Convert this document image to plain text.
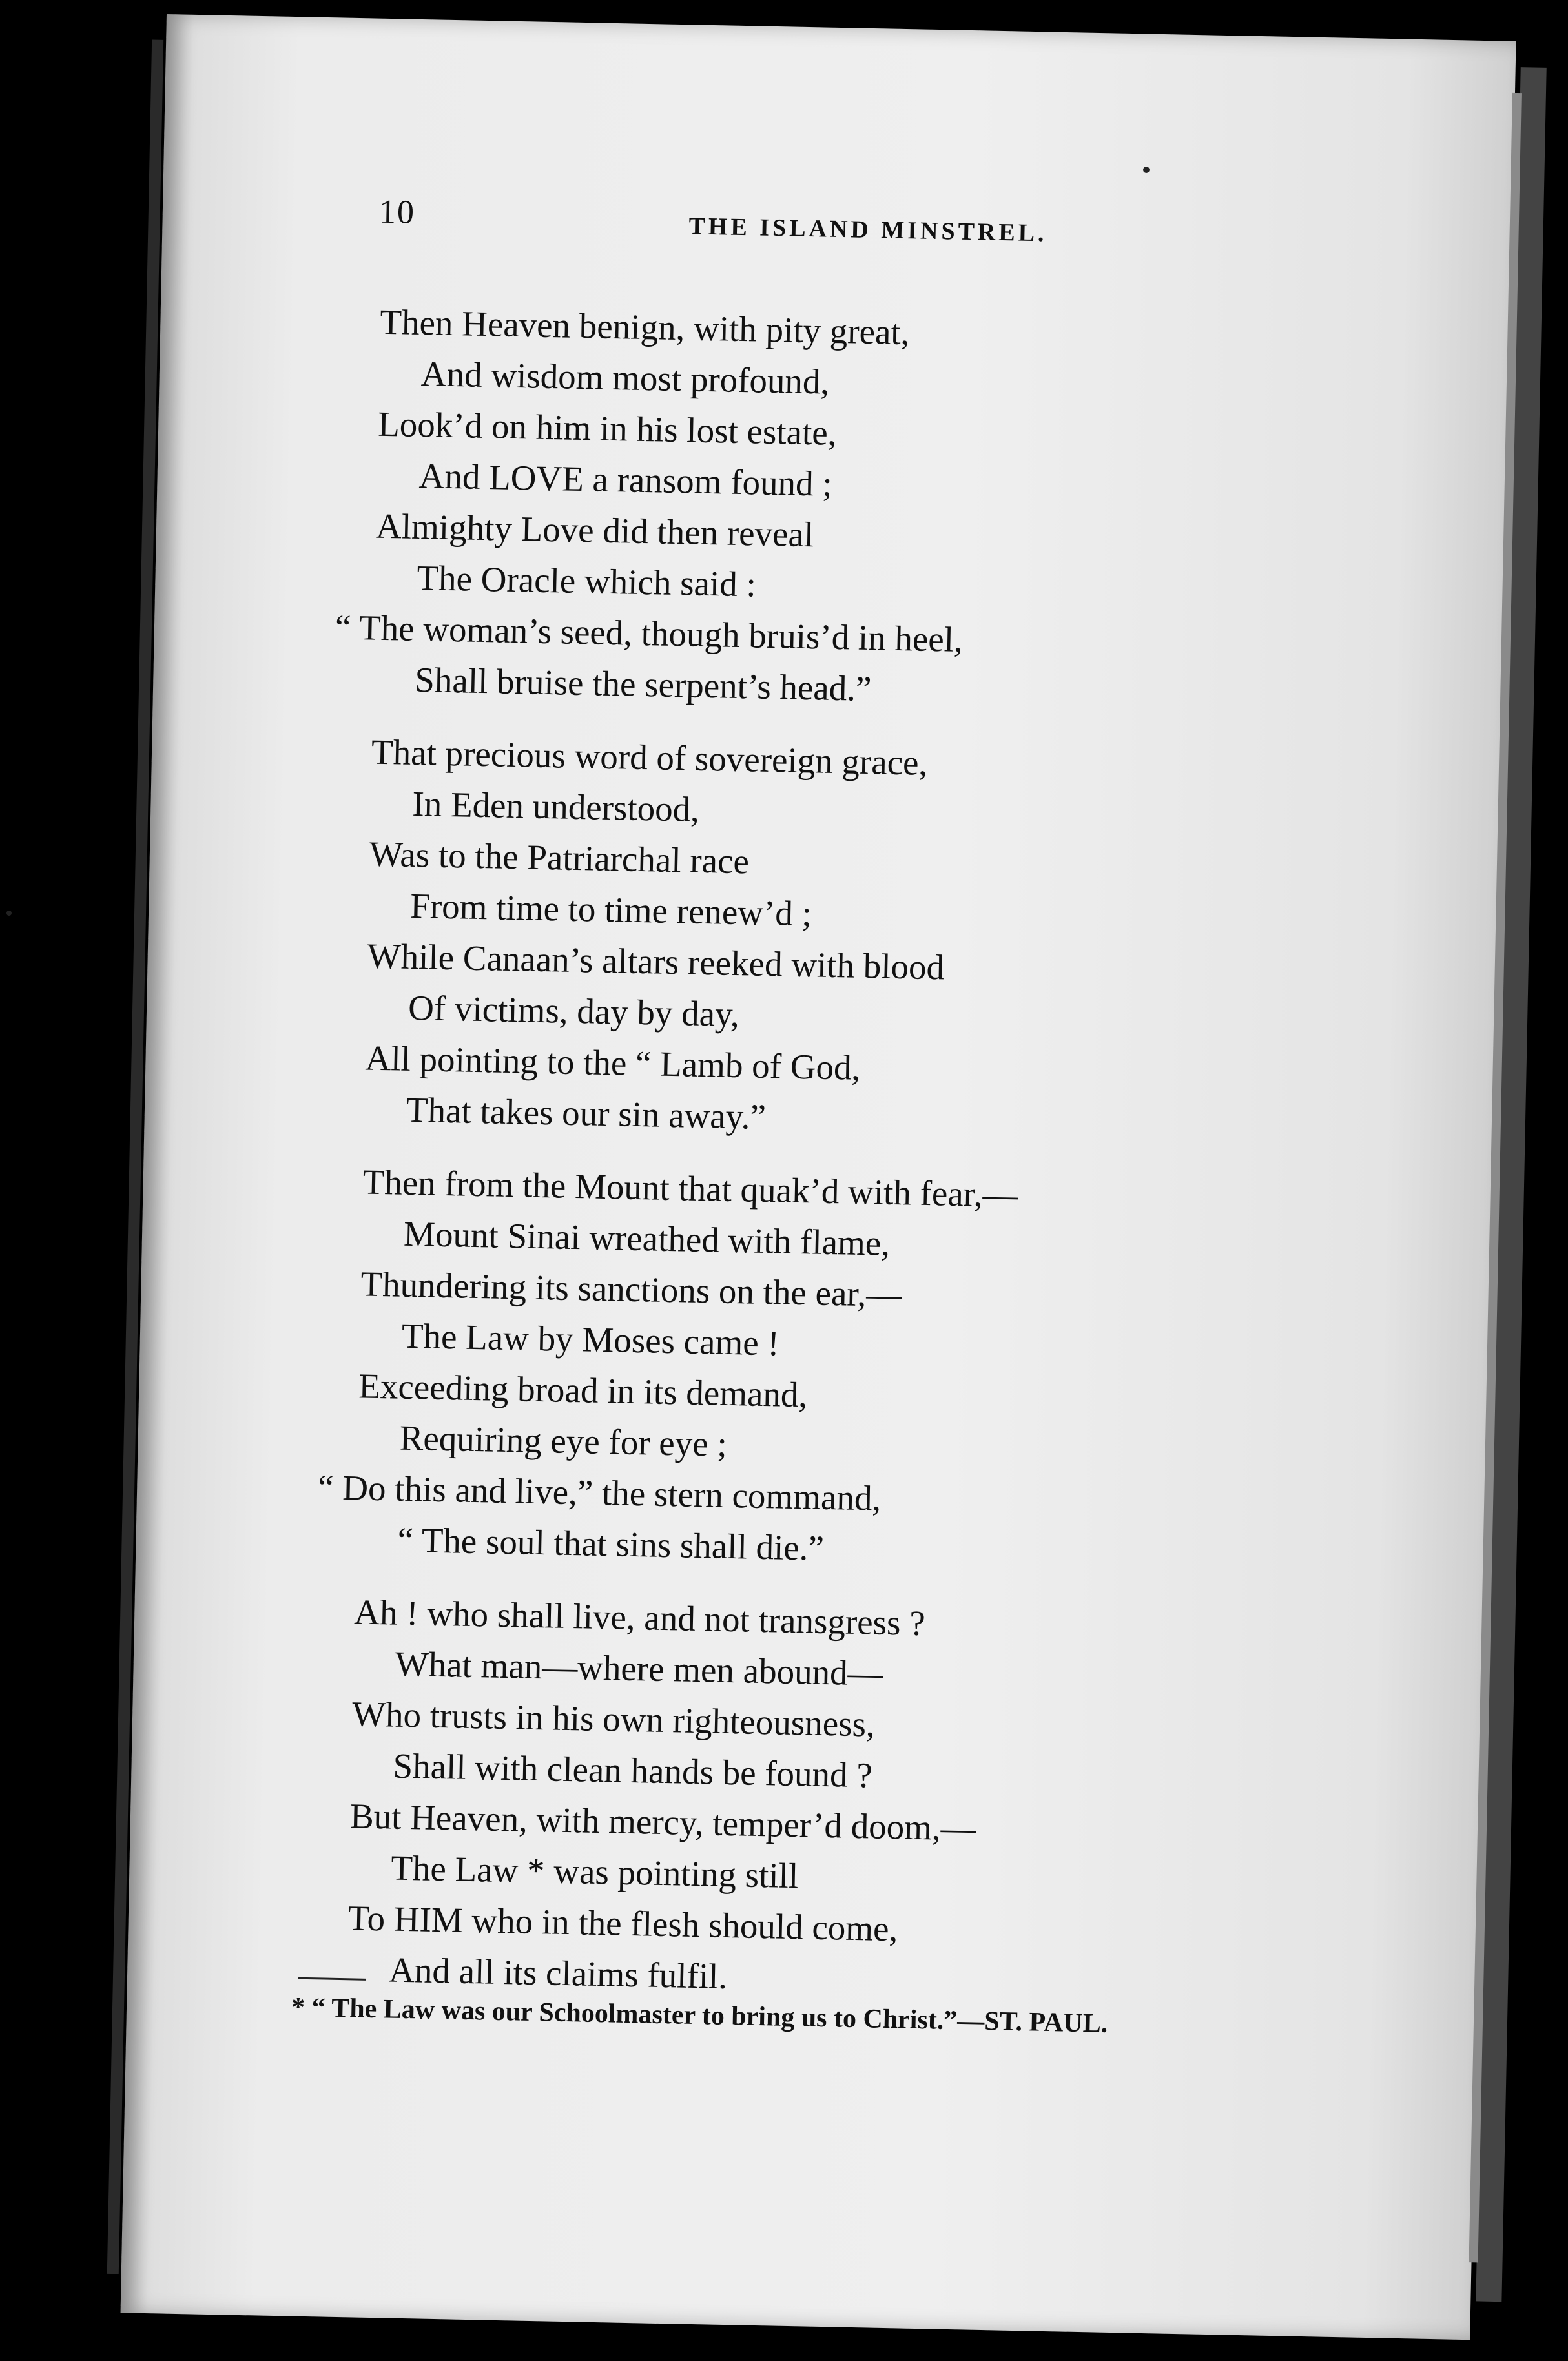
10	THE ISLAND MINSTREL.
Then Heaven benign, with pity great,
And wisdom most profound,
Look’d on him in his lost estate,
And LOVE a ransom found ;
Almighty Love did then reveal
The Oracle which said :
“ The woman’s seed, though bruis’d in heel,
Shall bruise the serpent’s head.”
That precious word of sovereign grace,
In Eden understood,
Was to the Patriarchal race
From time to time renew’d ;
While Canaan’s altars reeked with blood
Of victims, day by day,
All pointing to the “ Lamb of God,
That takes our sin away.”
Then from the Mount that quak’d with fear,—
Mount Sinai wreathed with flame,
Thundering its sanctions on the ear,—
The Law by Moses came !
Exceeding broad in its demand,
Requiring eye for eye ;
“ Do this and live,” the stern command,
“ The soul that sins shall die.”
Ah ! who shall live, and not transgress ?
What man—where men abound—
Who trusts in his own righteousness,
Shall with clean hands be found ?
But Heaven, with mercy, temper’d doom,—
The Law * was pointing still
To HIM who in the flesh should come,
And all its claims fulfil.
* “ The Law was our Schoolmaster to bring us to Christ.”—ST. PAUL.
